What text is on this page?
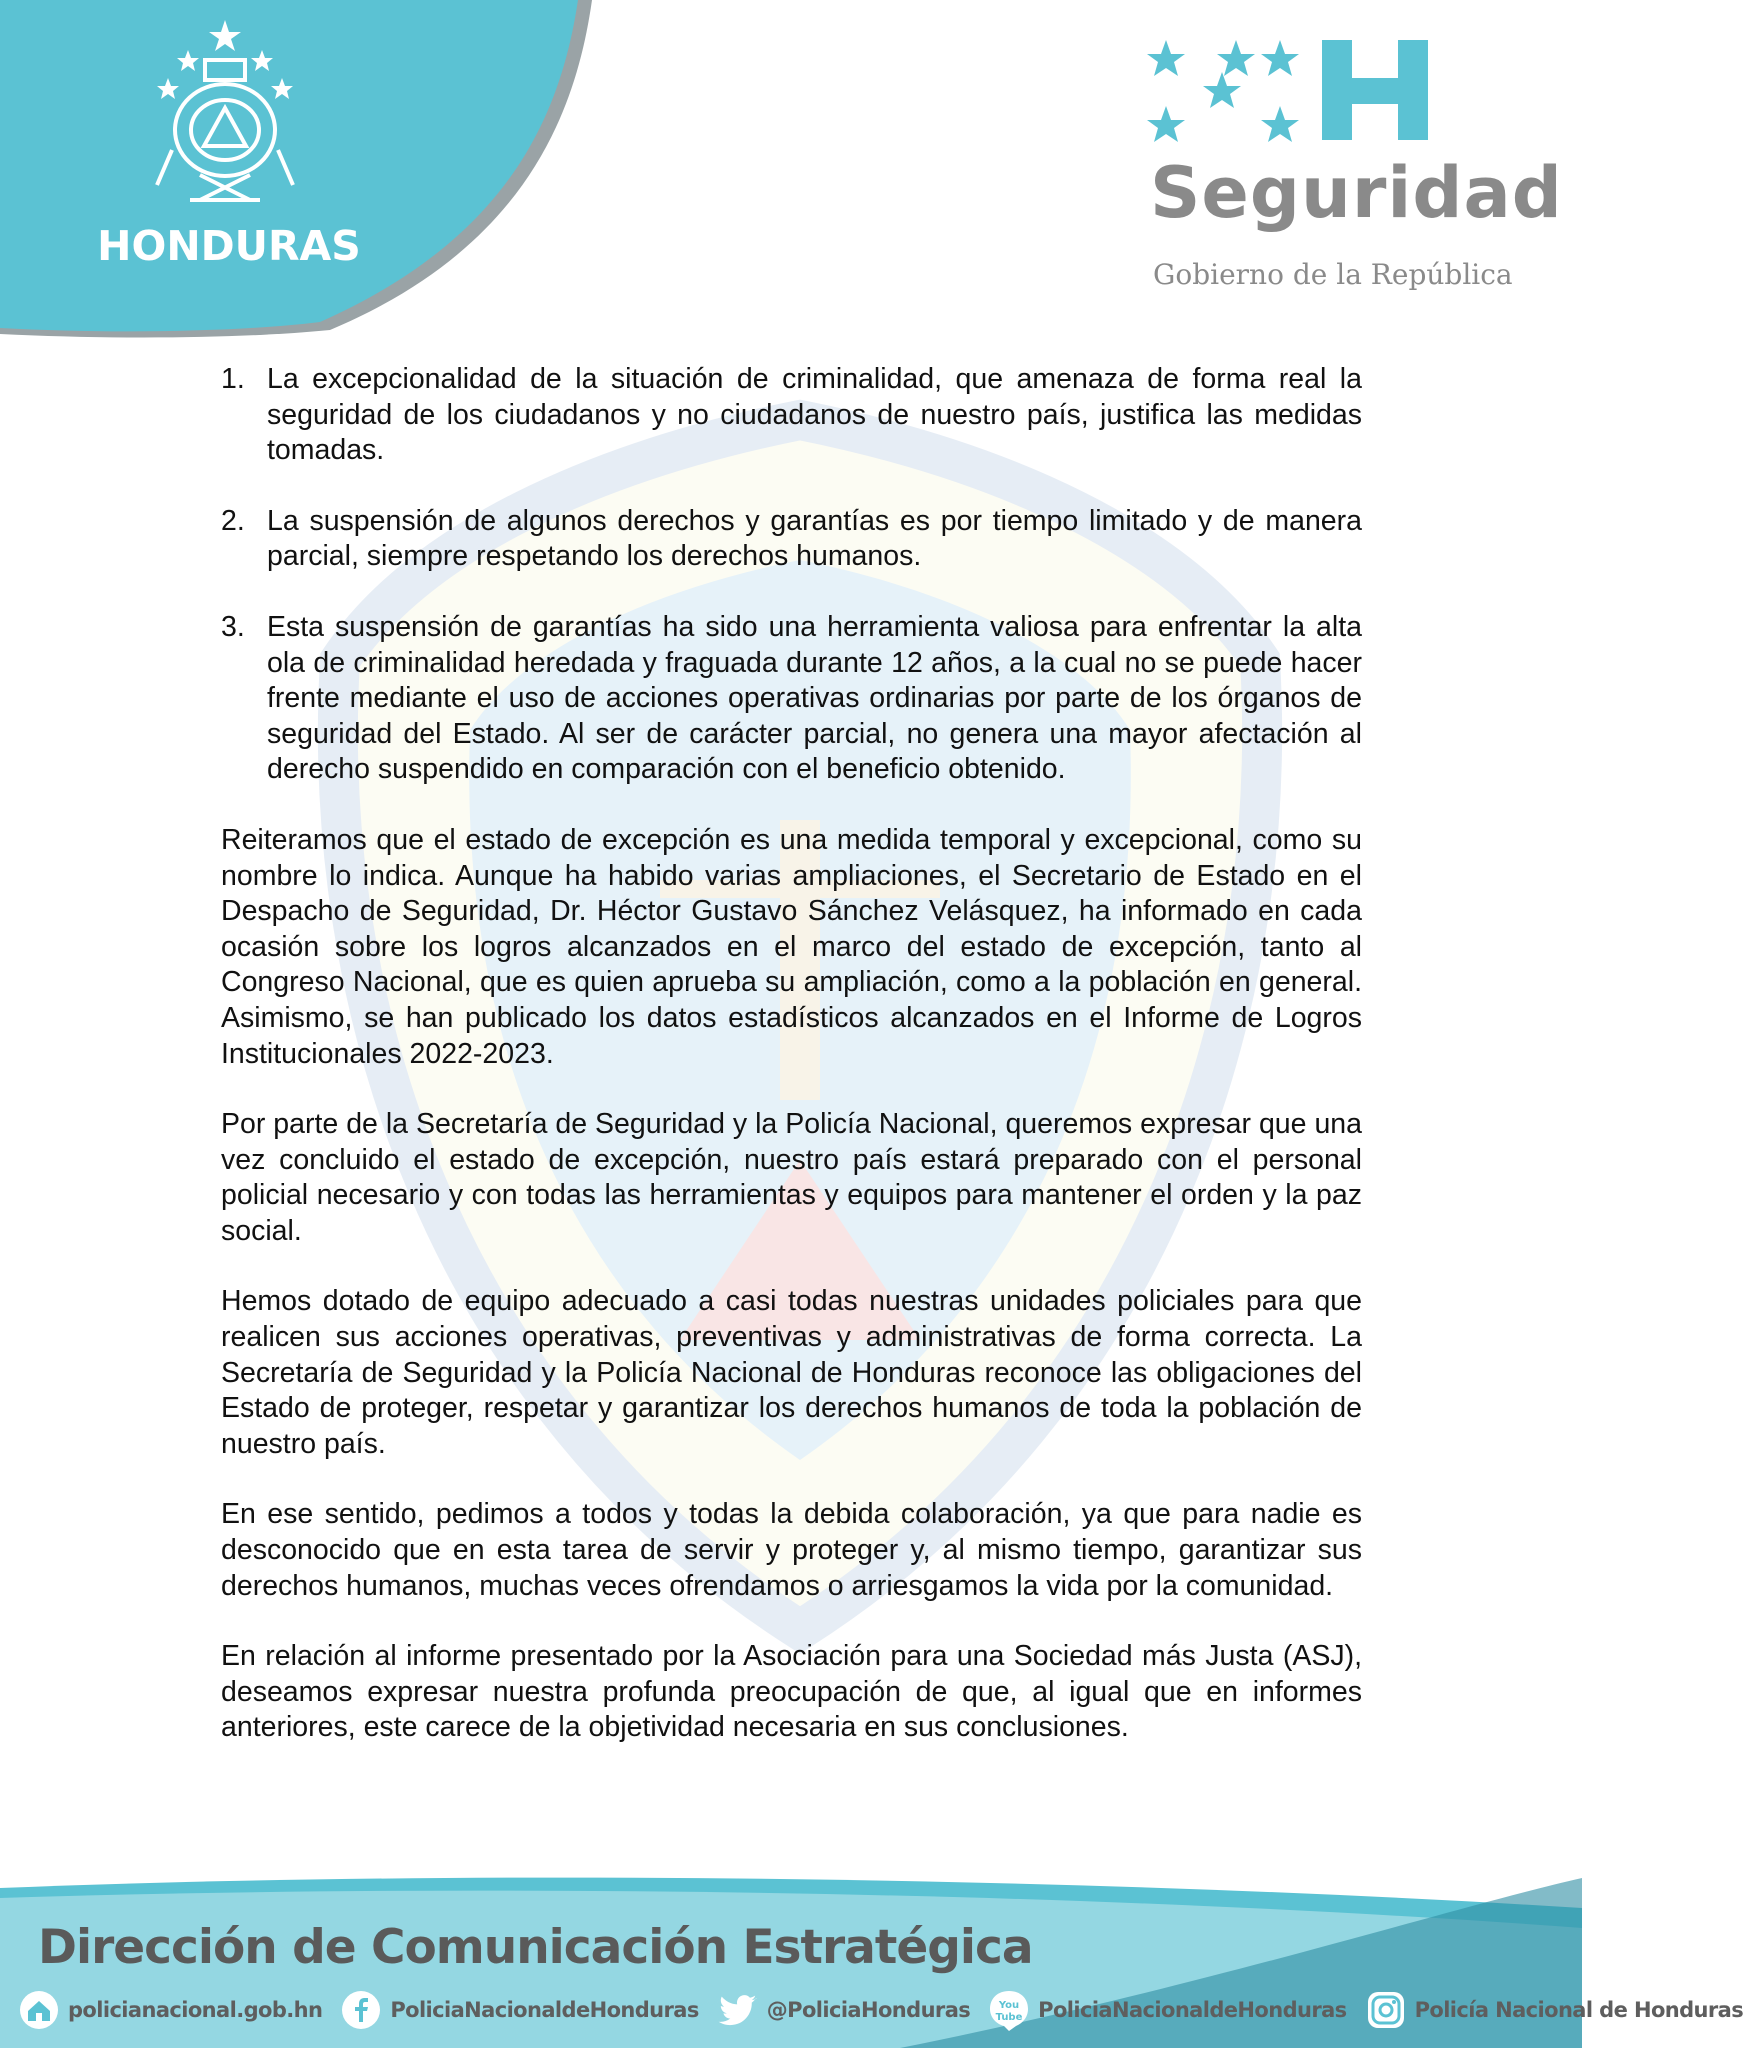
HONDURAS
Seguridad
Gobierno de la República
1. La excepcionalidad de la situación de criminalidad, que amenaza de forma real la seguridad de los ciudadanos y no ciudadanos de nuestro país, justifica las medidas tomadas.
2. La suspensión de algunos derechos y garantías es por tiempo limitado y de manera parcial, siempre respetando los derechos humanos.
3. Esta suspensión de garantías ha sido una herramienta valiosa para enfrentar la alta ola de criminalidad heredada y fraguada durante 12 años, a la cual no se puede hacer frente mediante el uso de acciones operativas ordinarias por parte de los órganos de seguridad del Estado. Al ser de carácter parcial, no genera una mayor afectación al derecho suspendido en comparación con el beneficio obtenido.

Reiteramos que el estado de excepción es una medida temporal y excepcional, como su nombre lo indica. Aunque ha habido varias ampliaciones, el Secretario de Estado en el Despacho de Seguridad, Dr. Héctor Gustavo Sánchez Velásquez, ha informado en cada ocasión sobre los logros alcanzados en el marco del estado de excepción, tanto al Congreso Nacional, que es quien aprueba su ampliación, como a la población en general. Asimismo, se han publicado los datos estadísticos alcanzados en el Informe de Logros Institucionales 2022-2023.

Por parte de la Secretaría de Seguridad y la Policía Nacional, queremos expresar que una vez concluido el estado de excepción, nuestro país estará preparado con el personal policial necesario y con todas las herramientas y equipos para mantener el orden y la paz social.

Hemos dotado de equipo adecuado a casi todas nuestras unidades policiales para que realicen sus acciones operativas, preventivas y administrativas de forma correcta. La Secretaría de Seguridad y la Policía Nacional de Honduras reconoce las obligaciones del Estado de proteger, respetar y garantizar los derechos humanos de toda la población de nuestro país.

En ese sentido, pedimos a todos y todas la debida colaboración, ya que para nadie es desconocido que en esta tarea de servir y proteger y, al mismo tiempo, garantizar sus derechos humanos, muchas veces ofrendamos o arriesgamos la vida por la comunidad.

En relación al informe presentado por la Asociación para una Sociedad más Justa (ASJ), deseamos expresar nuestra profunda preocupación de que, al igual que en informes anteriores, este carece de la objetividad necesaria en sus conclusiones.

Dirección de Comunicación Estratégica
policianacional.gob.hn	PoliciaNacionaldeHonduras	@PoliciaHonduras	You
Tube PoliciaNacionaldeHonduras	Policía Nacional de Honduras
